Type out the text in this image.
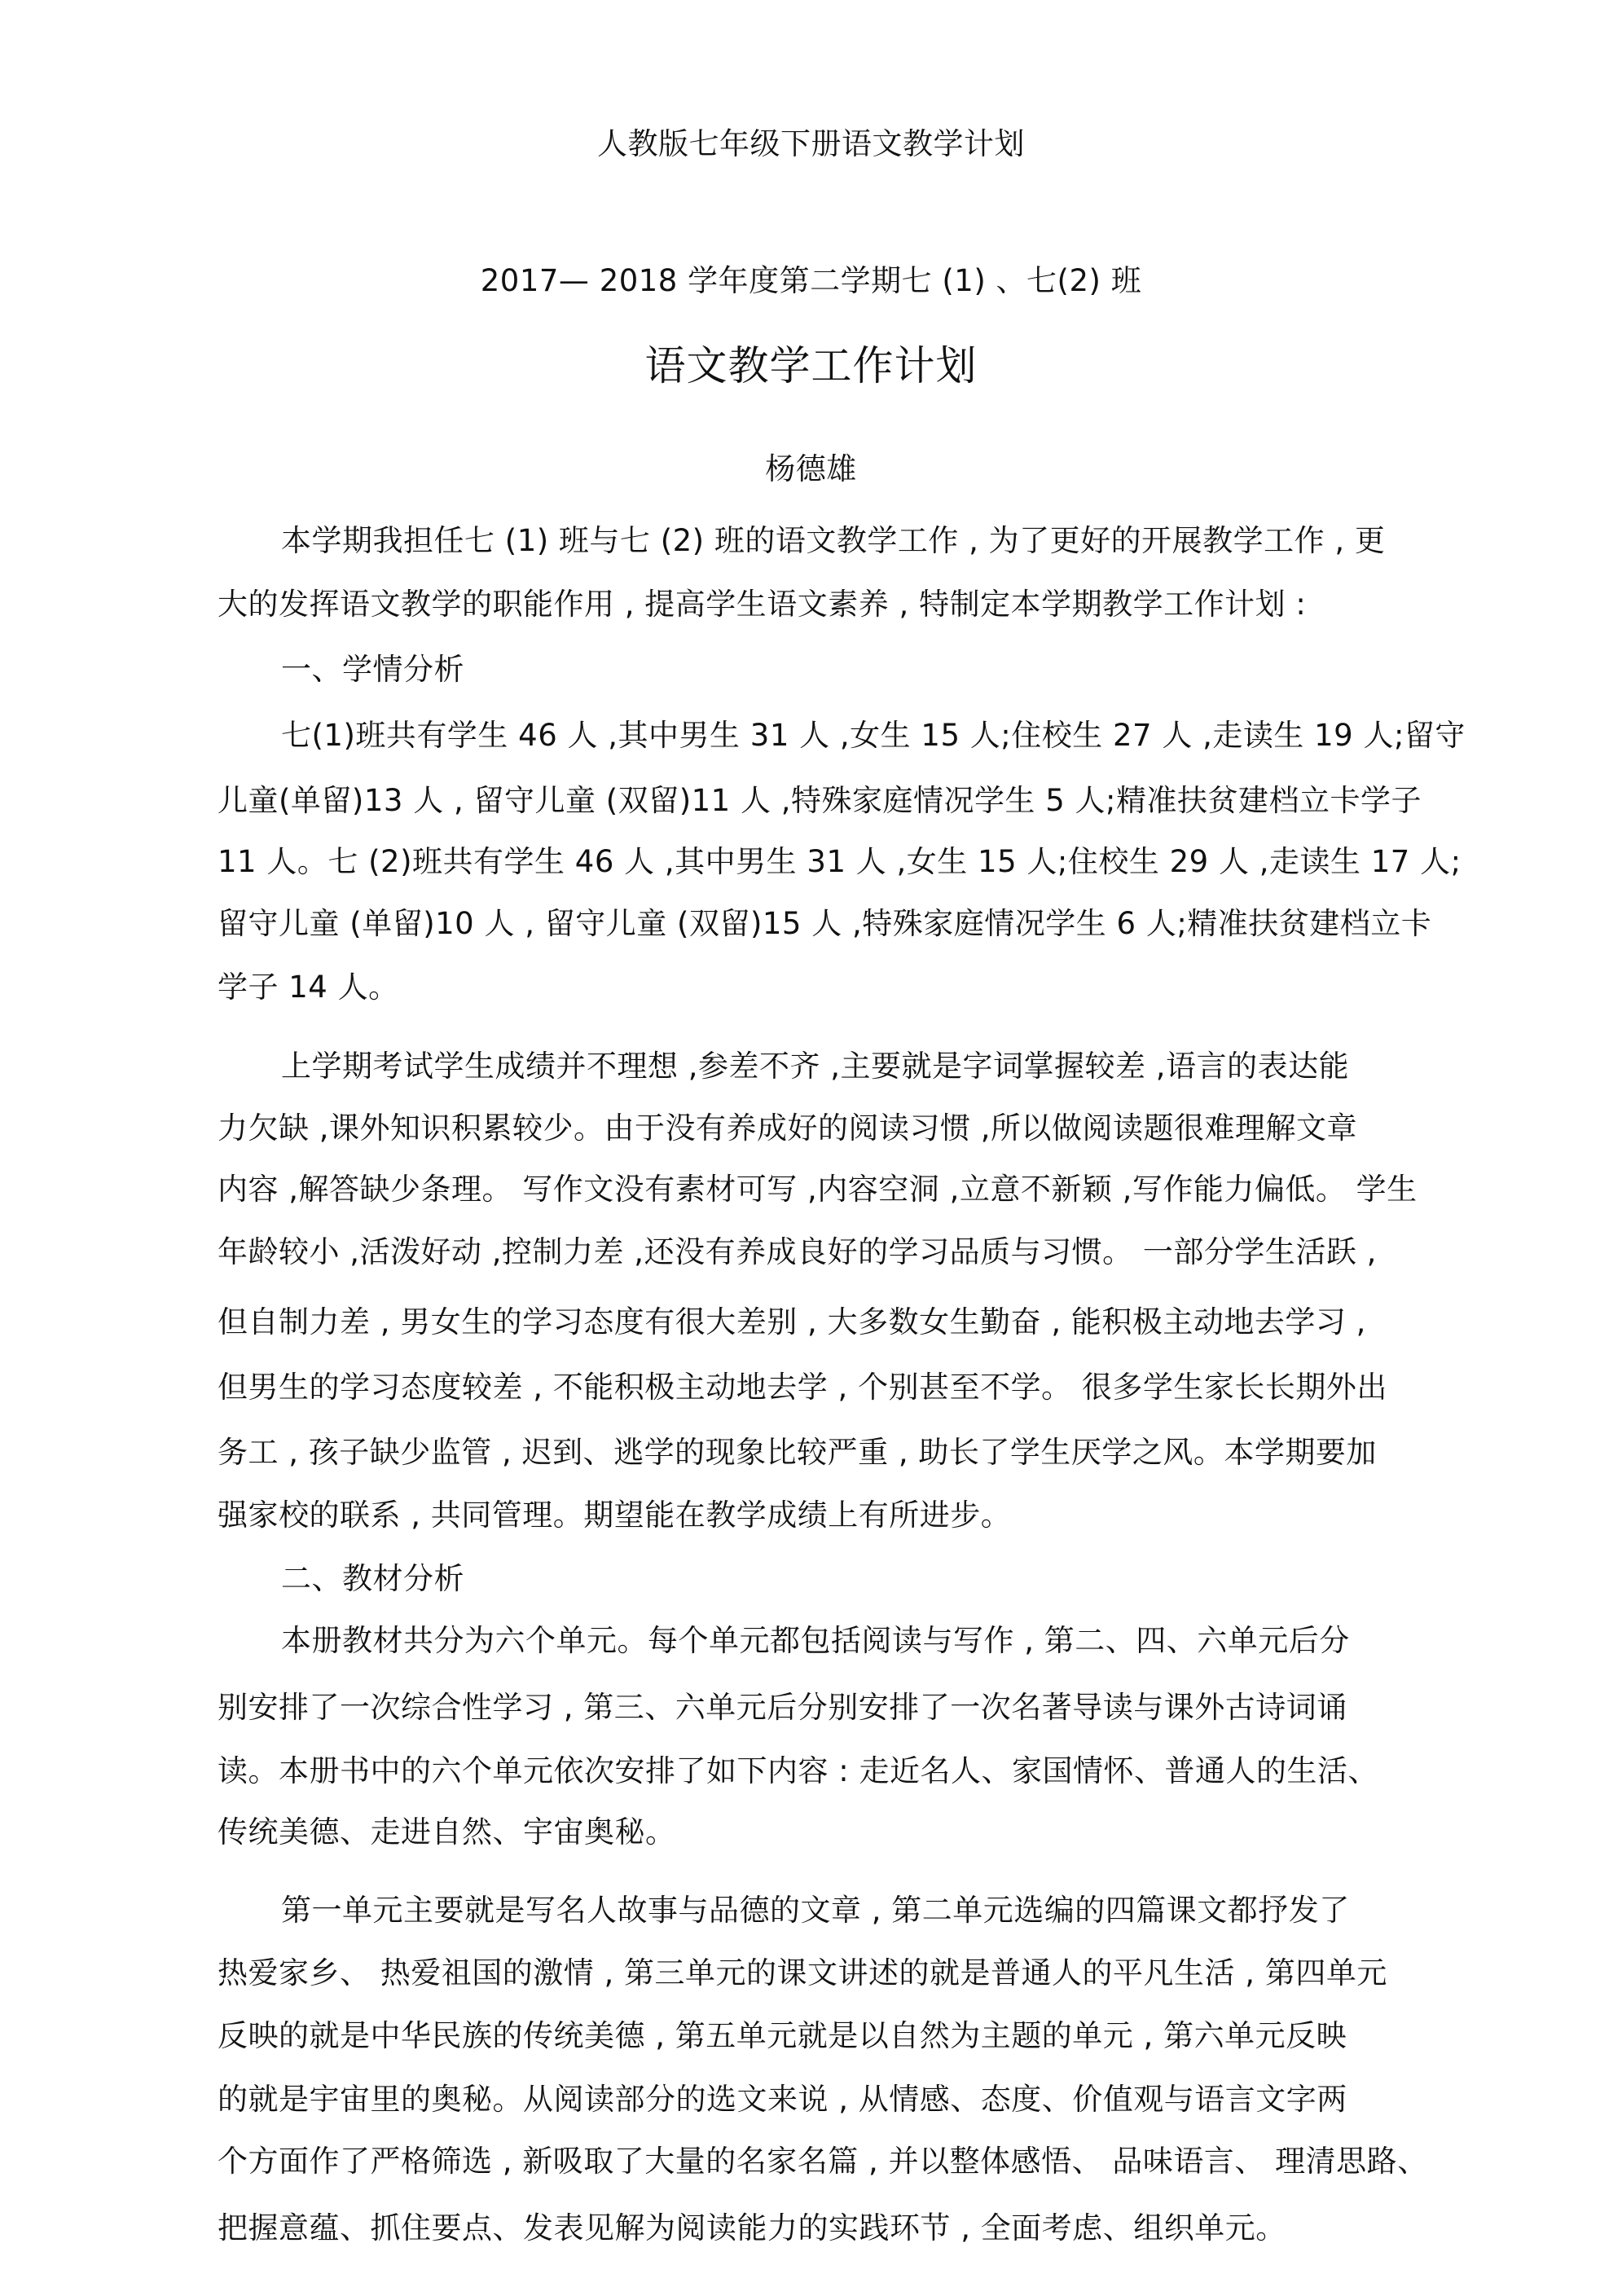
人教版七年级下册语文教学计划
2017— 2018 学年度第二学期七 (1) 、七(2) 班
语文教学工作计划
杨德雄
本学期我担任七 (1) 班与七 (2) 班的语文教学工作 , 为了更好的开展教学工作 , 更
大的发挥语文教学的职能作用 , 提高学生语文素养 , 特制定本学期教学工作计划 :
一、学情分析
七(1)班共有学生 46 人 ,其中男生 31 人 ,女生 15 人;住校生 27 人 ,走读生 19 人;留守
儿童(单留)13 人 , 留守儿童 (双留)11 人 ,特殊家庭情况学生 5 人;精准扶贫建档立卡学子
11 人。七 (2)班共有学生 46 人 ,其中男生 31 人 ,女生 15 人;住校生 29 人 ,走读生 17 人;
留守儿童 (单留)10 人 , 留守儿童 (双留)15 人 ,特殊家庭情况学生 6 人;精准扶贫建档立卡
学子 14 人。
上学期考试学生成绩并不理想 ,参差不齐 ,主要就是字词掌握较差 ,语言的表达能
力欠缺 ,课外知识积累较少。由于没有养成好的阅读习惯 ,所以做阅读题很难理解文章
内容 ,解答缺少条理。 写作文没有素材可写 ,内容空洞 ,立意不新颖 ,写作能力偏低。 学生
年龄较小 ,活泼好动 ,控制力差 ,还没有养成良好的学习品质与习惯。 一部分学生活跃 ,
但自制力差 , 男女生的学习态度有很大差别 , 大多数女生勤奋 , 能积极主动地去学习 ,
但男生的学习态度较差 , 不能积极主动地去学 , 个别甚至不学。 很多学生家长长期外出
务工 , 孩子缺少监管 , 迟到、逃学的现象比较严重 , 助长了学生厌学之风。本学期要加
强家校的联系 , 共同管理。期望能在教学成绩上有所进步。
二、教材分析
本册教材共分为六个单元。每个单元都包括阅读与写作 , 第二、四、六单元后分
别安排了一次综合性学习 , 第三、六单元后分别安排了一次名著导读与课外古诗词诵
读。本册书中的六个单元依次安排了如下内容 : 走近名人、家国情怀、普通人的生活、
传统美德、走进自然、宇宙奥秘。
第一单元主要就是写名人故事与品德的文章 , 第二单元选编的四篇课文都抒发了
热爱家乡、 热爱祖国的激情 , 第三单元的课文讲述的就是普通人的平凡生活 , 第四单元
反映的就是中华民族的传统美德 , 第五单元就是以自然为主题的单元 , 第六单元反映
的就是宇宙里的奥秘。从阅读部分的选文来说 , 从情感、态度、价值观与语言文字两
个方面作了严格筛选 , 新吸取了大量的名家名篇 , 并以整体感悟、 品味语言、 理清思路、
把握意蕴、抓住要点、发表见解为阅读能力的实践环节 , 全面考虑、组织单元。
